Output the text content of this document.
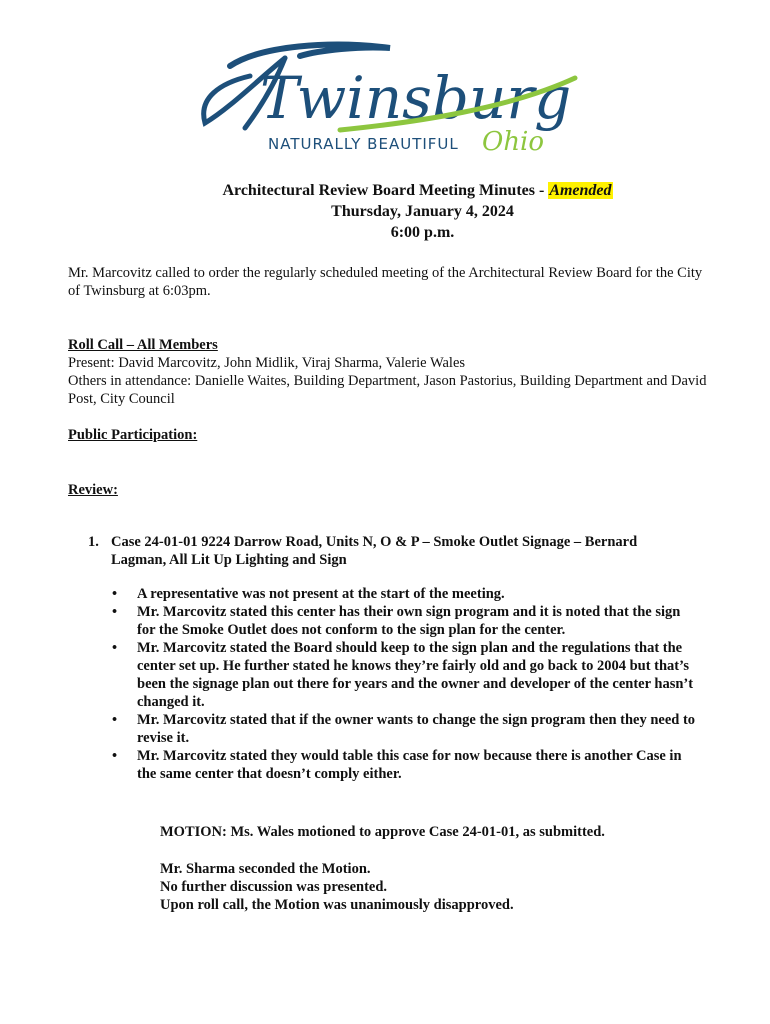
Twinsburg
NATURALLY BEAUTIFUL Ohio
Architectural Review Board Meeting Minutes - Amended
Thursday, January 4, 2024
6:00 p.m.
Mr. Marcovitz called to order the regularly scheduled meeting of the Architectural Review Board for the City of Twinsburg at 6:03pm.
Roll Call – All Members
Present: David Marcovitz, John Midlik, Viraj Sharma, Valerie Wales
Others in attendance: Danielle Waites, Building Department, Jason Pastorius, Building Department and David Post, City Council
Public Participation:
Review:
1. Case 24-01-01 9224 Darrow Road, Units N, O & P – Smoke Outlet Signage – Bernard Lagman, All Lit Up Lighting and Sign
• A representative was not present at the start of the meeting.
• Mr. Marcovitz stated this center has their own sign program and it is noted that the sign for the Smoke Outlet does not conform to the sign plan for the center.
• Mr. Marcovitz stated the Board should keep to the sign plan and the regulations that the center set up. He further stated he knows they’re fairly old and go back to 2004 but that’s been the signage plan out there for years and the owner and developer of the center hasn’t changed it.
• Mr. Marcovitz stated that if the owner wants to change the sign program then they need to revise it.
• Mr. Marcovitz stated they would table this case for now because there is another Case in the same center that doesn’t comply either.
MOTION: Ms. Wales motioned to approve Case 24-01-01, as submitted.
Mr. Sharma seconded the Motion.
No further discussion was presented.
Upon roll call, the Motion was unanimously disapproved.
